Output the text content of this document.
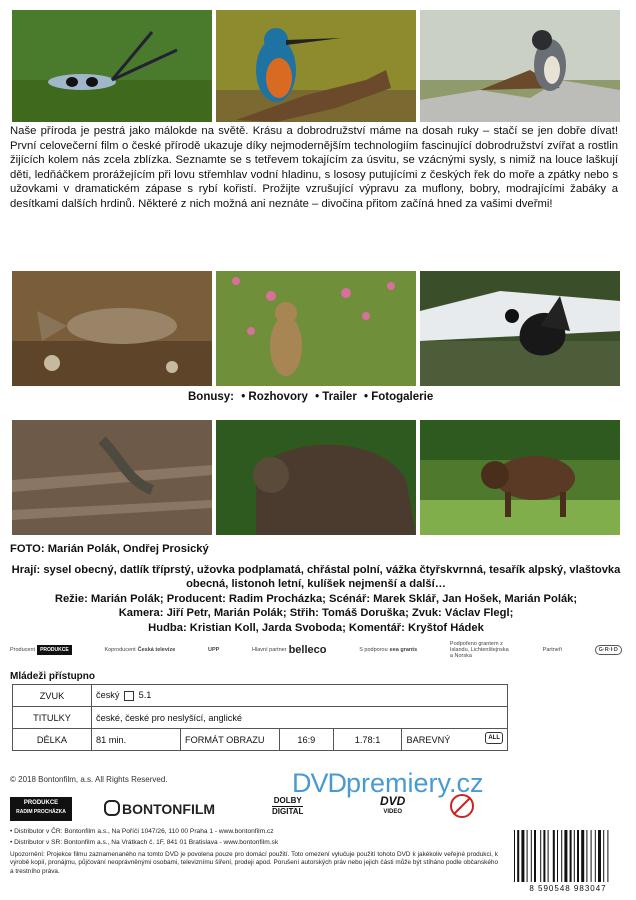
Naše příroda je pestrá jako málokde na světě. Krásu a dobrodružství máme na dosah ruky – stačí se jen dobře dívat! První celovečerní film o české přírodě ukazuje díky nejmodernějším technologiím fascinující dobrodružství zvířat a rostlin žijících kolem nás zcela zblízka. Seznamte se s tetřevem tokajícím za úsvitu, se vzácnými sysly, s nimiž na louce laškují děti, ledňáčkem prorážejícím při lovu střemhlav vodní hladinu, s lososy putujícími z českých řek do moře a zpátky nebo s užovkami v dramatickém zápase s rybí kořistí. Prožijte vzrušující výpravu za muflony, bobry, modrajícími žabáky a desítkami dalších hrdinů. Některé z nich možná ani neznáte – divočina přitom začíná hned za vašimi dveřmi!

Bonusy: • Rozhovory • Trailer • Fotogalerie
FOTO: Marián Polák, Ondřej Prosický
Hrají: sysel obecný, datlík tříprstý, užovka podplamatá, chřástal polní, vážka čtyřskvrnná, tesařík alpský, vlaštovka obecná, listonoh letní, kulíšek nejmenší a další…
Režie: Marián Polák; Producent: Radim Procházka; Scénář: Marek Sklář, Jan Hošek, Marián Polák;
Kamera: Jiří Petr, Marián Polák; Střih: Tomáš Doruška; Zvuk: Václav Flegl;
Hudba: Kristian Koll, Jarda Svoboda; Komentář: Kryštof Hádek
Producent	PRODUKCE	Koproducent Česká televize	UPP	Hlavní partner belleco	S podporou eea grants
Podpořeno grantem z Islandu, Lichtenštejnska a Norska
Partneři	G·R·I·D
Mládeži přístupno
ZVUK	český 5.1				
TITULKY	české, české pro neslyšící, anglické				
DÉLKA	81 min.	FORMÁT OBRAZU	16:9	1.78:1	BAREVNÝ ALL
© 2018 Bontonfilm, a.s. All Rights Reserved.	DVDpremiery.cz
PRODUKCE
RADIM PROCHÁZKA	BONTONFILM
DOLBY
DIGITAL
DVD
VIDEO
• Distributor v ČR: Bontonfilm a.s., Na Poříčí 1047/26, 110 00 Praha 1 - www.bontonfilm.cz
• Distributor v SR: Bontonfilm a.s., Na Vrátkach č. 1F, 841 01 Bratislava - www.bontonfilm.sk
Upozornění: Projekce filmu zaznamenaného na tomto DVD je povolena pouze pro domácí použití. Toto omezení vylučuje použití tohoto DVD k jakékoliv veřejné produkci, k výrobě kopií, pronájmu, půjčování neoprávněnými osobami, televiznímu šíření, prodeji apod. Porušení autorských práv nebo jejich části může být stíháno podle občanského a trestního práva.
8 590548 983047
